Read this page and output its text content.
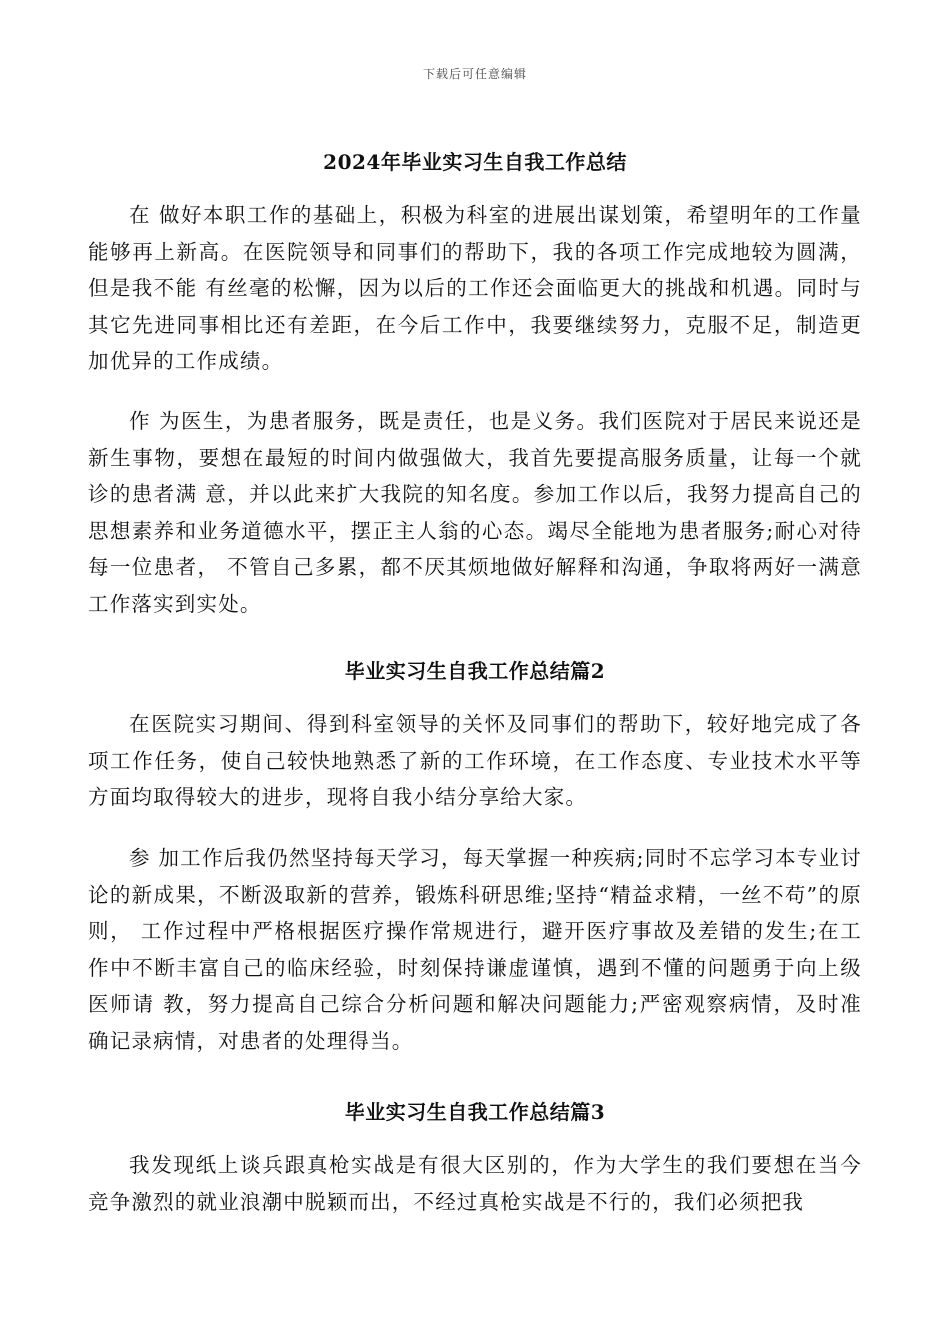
下载后可任意编辑
2024年毕业实习生自我工作总结

在 做好本职工作的基础上，积极为科室的进展出谋划策，希望明年的工作量能够再上新高。在医院领导和同事们的帮助下，我的各项工作完成地较为圆满，但是我不能 有丝毫的松懈，因为以后的工作还会面临更大的挑战和机遇。同时与其它先进同事相比还有差距，在今后工作中，我要继续努力，克服不足，制造更加优异的工作成绩。

作 为医生，为患者服务，既是责任，也是义务。我们医院对于居民来说还是新生事物，要想在最短的时间内做强做大，我首先要提高服务质量，让每一个就诊的患者满 意，并以此来扩大我院的知名度。参加工作以后，我努力提高自己的思想素养和业务道德水平，摆正主人翁的心态。竭尽全能地为患者服务;耐心对待每一位患者， 不管自己多累，都不厌其烦地做好解释和沟通，争取将两好一满意工作落实到实处。

毕业实习生自我工作总结篇2

在医院实习期间、得到科室领导的关怀及同事们的帮助下，较好地完成了各项工作任务，使自己较快地熟悉了新的工作环境，在工作态度、专业技术水平等方面均取得较大的进步，现将自我小结分享给大家。

参 加工作后我仍然坚持每天学习，每天掌握一种疾病;同时不忘学习本专业讨论的新成果，不断汲取新的营养，锻炼科研思维;坚持“精益求精，一丝不苟”的原则， 工作过程中严格根据医疗操作常规进行，避开医疗事故及差错的发生;在工作中不断丰富自己的临床经验，时刻保持谦虚谨慎，遇到不懂的问题勇于向上级医师请 教，努力提高自己综合分析问题和解决问题能力;严密观察病情，及时准确记录病情，对患者的处理得当。

毕业实习生自我工作总结篇3

我发现纸上谈兵跟真枪实战是有很大区别的，作为大学生的我们要想在当今竞争激烈的就业浪潮中脱颖而出，不经过真枪实战是不行的，我们必须把我
